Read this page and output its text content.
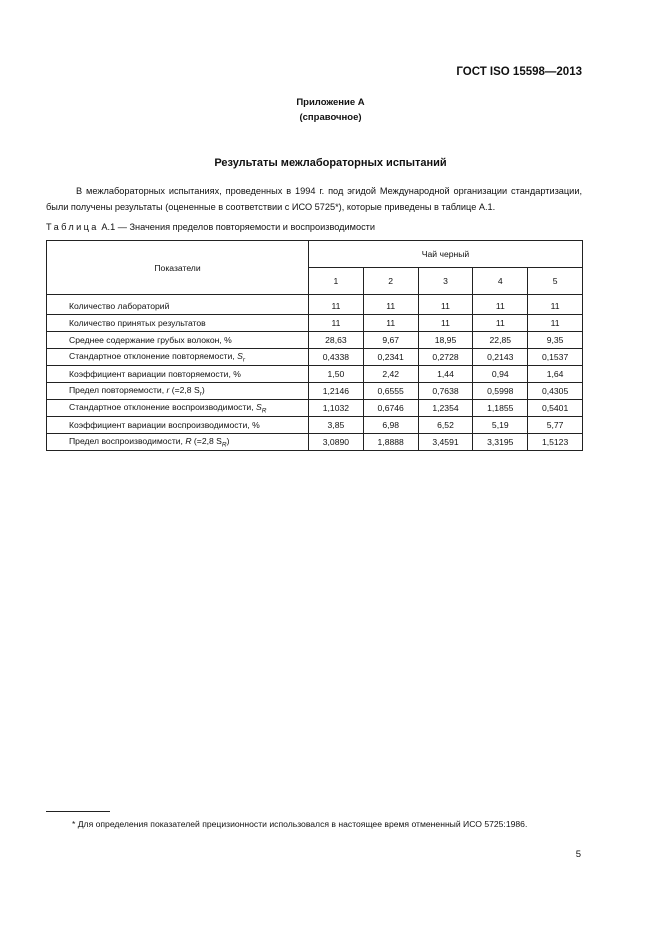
ГОСТ ISO 15598—2013
Приложение А
(справочное)
Результаты межлабораторных испытаний
В межлабораторных испытаниях, проведенных в 1994 г. под эгидой Международной организации стандартизации, были получены результаты (оцененные в соответствии с ИСО 5725*), которые приведены в таблице А.1.
Таблица А.1 — Значения пределов повторяемости и воспроизводимости
Показатели	Чай черный				
	1	2	3	4	5
Количество лабораторий	11	11	11	11	11
Количество принятых результатов	11	11	11	11	11
Среднее содержание грубых волокон, %	28,63	9,67	18,95	22,85	9,35
Стандартное отклонение повторяемости, $S_r$	0,4338	0,2341	0,2728	0,2143	0,1537
Коэффициент вариации повторяемости, %	1,50	2,42	1,44	0,94	1,64
Предел повторяемости, r (=2,8 $S_r$)	1,2146	0,6555	0,7638	0,5998	0,4305
Стандартное отклонение воспроизводимости, $S_R$	1,1032	0,6746	1,2354	1,1855	0,5401
Коэффициент вариации воспроизводимости, %	3,85	6,98	6,52	5,19	5,77
Предел воспроизводимости, R (=2,8 $S_R$)	3,0890	1,8888	3,4591	3,3195	1,5123
* Для определения показателей прецизионности использовался в настоящее время отмененный ИСО 5725:1986.
5
